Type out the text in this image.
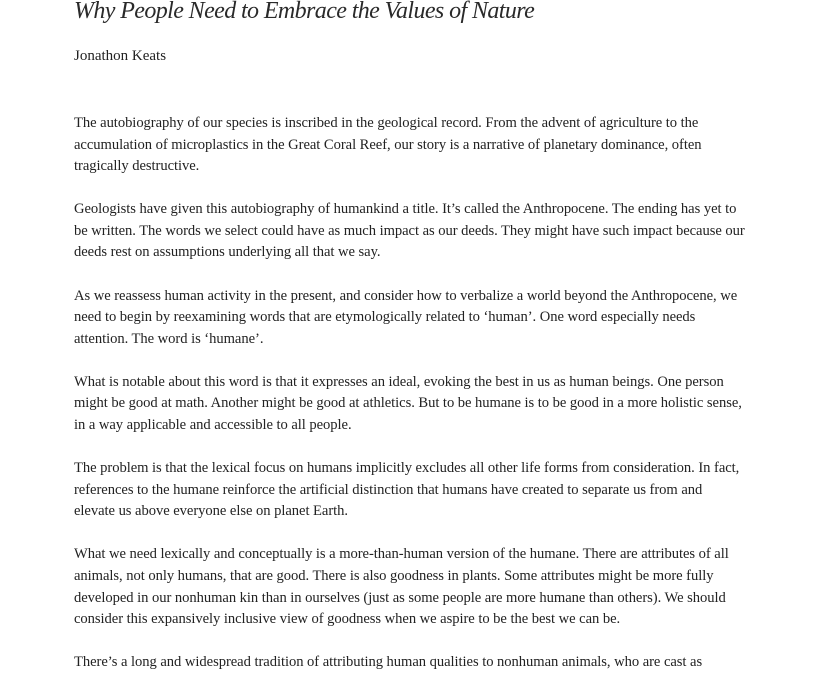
Why People Need to Embrace the Values of Nature
Jonathon Keats

The autobiography of our species is inscribed in the geological record. From the advent of agriculture to the accumulation of microplastics in the Great Coral Reef, our story is a narrative of planetary dominance, often tragically destructive.

Geologists have given this autobiography of humankind a title. It’s called the Anthropocene. The ending has yet to be written. The words we select could have as much impact as our deeds. They might have such impact because our deeds rest on assumptions underlying all that we say.

As we reassess human activity in the present, and consider how to verbalize a world beyond the Anthropocene, we need to begin by reexamining words that are etymologically related to ‘human’. One word especially needs attention. The word is ‘humane’.

What is notable about this word is that it expresses an ideal, evoking the best in us as human beings. One person might be good at math. Another might be good at athletics. But to be humane is to be good in a more holistic sense, in a way applicable and accessible to all people.

The problem is that the lexical focus on humans implicitly excludes all other life forms from consideration. In fact, references to the humane reinforce the artificial distinction that humans have created to separate us from and elevate us above everyone else on planet Earth.

What we need lexically and conceptually is a more-than-human version of the humane. There are attributes of all animals, not only humans, that are good. There is also goodness in plants. Some attributes might be more fully developed in our nonhuman kin than in ourselves (just as some people are more humane than others). We should consider this expansively inclusive view of goodness when we aspire to be the best we can be.

There’s a long and widespread tradition of attributing human qualities to nonhuman animals, who are cast as
